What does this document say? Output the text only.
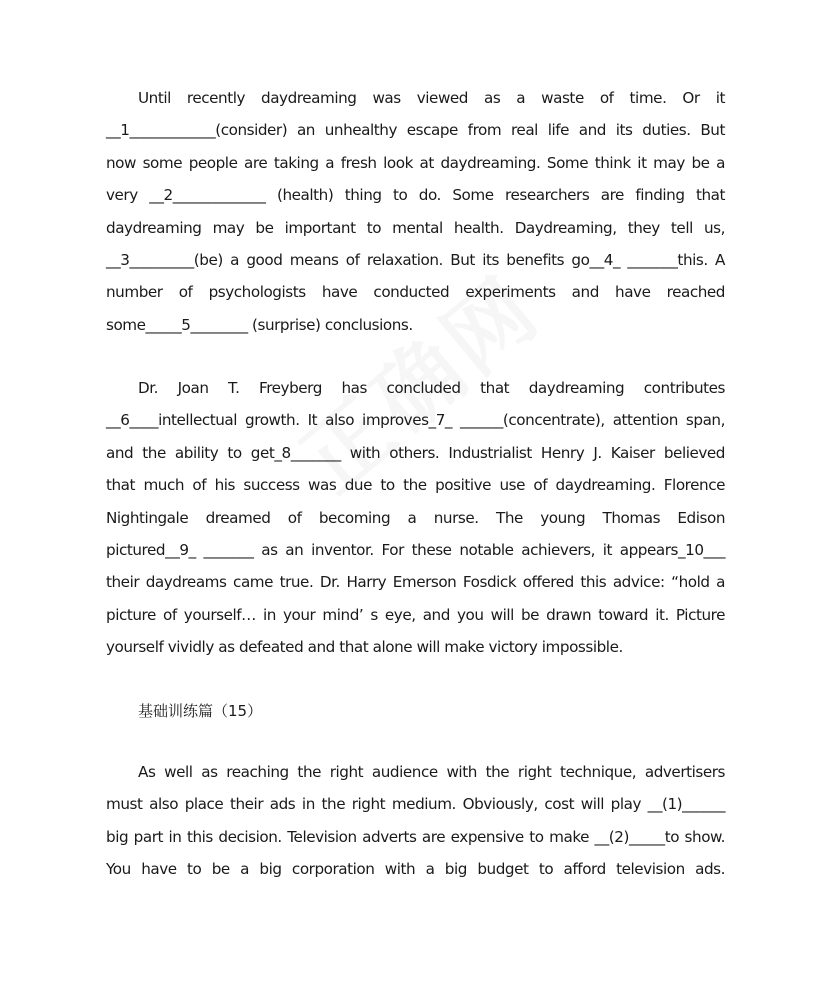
Until recently daydreaming was viewed as a waste of time. Or it
__1____________(consider) an unhealthy escape from real life and its duties. But
now some people are taking a fresh look at daydreaming. Some think it may be a
very __2_____________ (health) thing to do. Some researchers are finding that
daydreaming may be important to mental health. Daydreaming, they tell us,
__3_________(be) a good means of relaxation. But its benefits go__4_ _______this. A
number of psychologists have conducted experiments and have reached
some_____5________ (surprise) conclusions.
Dr. Joan T. Freyberg has concluded that daydreaming contributes
__6____intellectual growth. It also improves_7_ ______(concentrate), attention span,
and the ability to get_8_______ with others. Industrialist Henry J. Kaiser believed
that much of his success was due to the positive use of daydreaming. Florence
Nightingale dreamed of becoming a nurse. The young Thomas Edison
pictured__9_ _______ as an inventor. For these notable achievers, it appears_10___
their daydreams came true. Dr. Harry Emerson Fosdick offered this advice: “hold a
picture of yourself… in your mind’ s eye, and you will be drawn toward it. Picture
yourself vividly as defeated and that alone will make victory impossible.
基础训练篇（15）
As well as reaching the right audience with the right technique, advertisers
must also place their ads in the right medium. Obviously, cost will play __(1)______
big part in this decision. Television adverts are expensive to make __(2)_____to show.
You have to be a big corporation with a big budget to afford television ads.
